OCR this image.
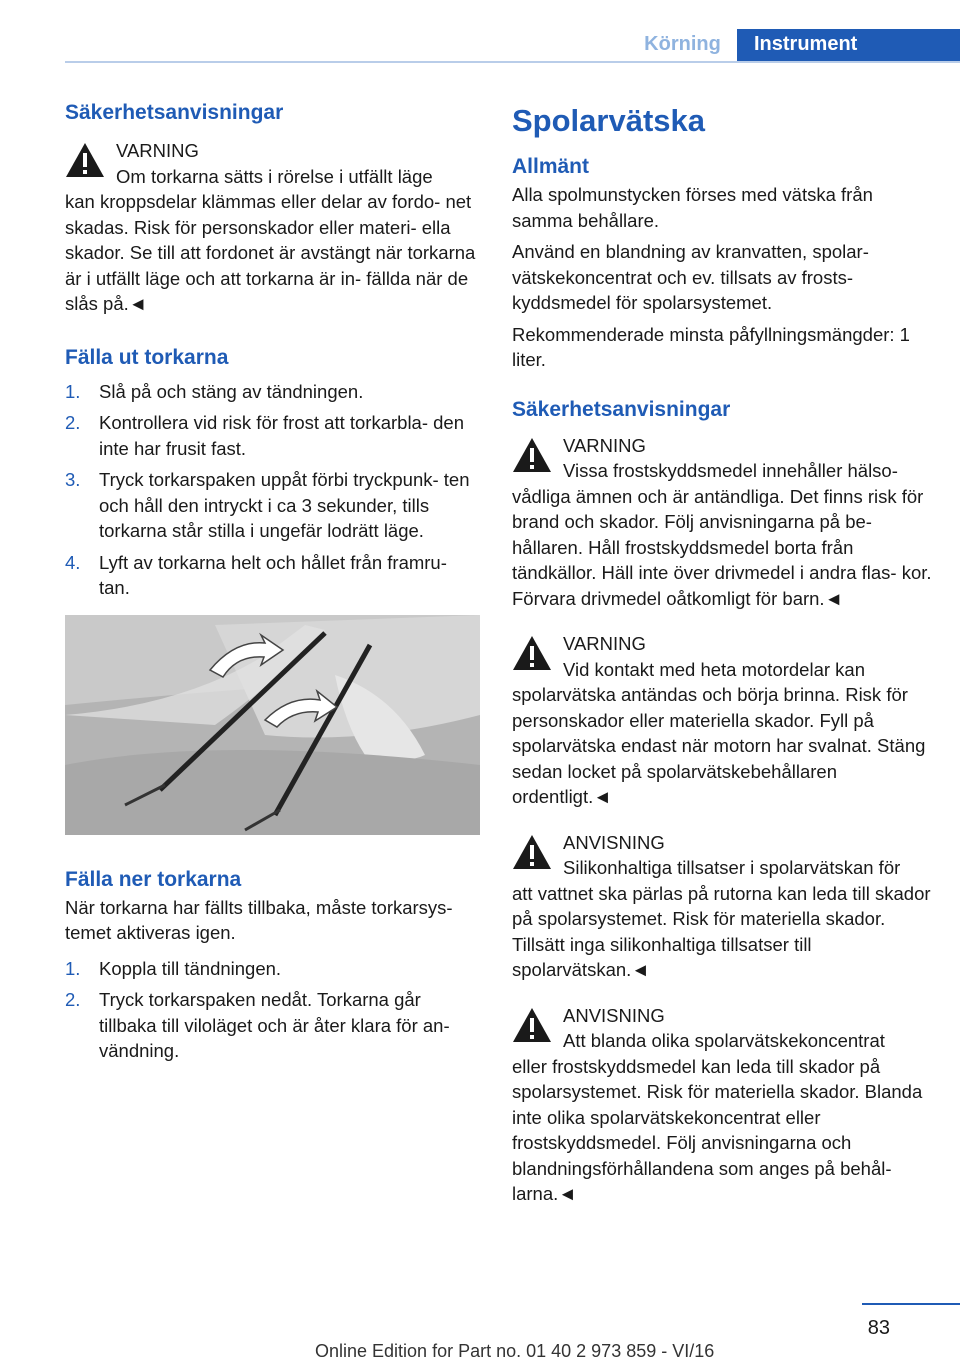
Körning	Instrument
Säkerhetsanvisningar
VARNING

Om torkarna sätts i rörelse i utfällt läge

kan kroppsdelar klämmas eller delar av fordo‐ net skadas. Risk för personskador eller materi‐ ella skador. Se till att fordonet är avstängt när torkarna är i utfällt läge och att torkarna är in‐ fällda när de slås på.◄

Fälla ut torkarna
1. Slå på och stäng av tändningen.
2. Kontrollera vid risk för frost att torkarbla‐ den inte har frusit fast.
3. Tryck torkarspaken uppåt förbi tryckpunk‐ ten och håll den intryckt i ca 3 sekunder, tills torkarna står stilla i ungefär lodrätt läge.
4. Lyft av torkarna helt och hållet från framru‐ tan.
Fälla ner torkarna

När torkarna har fällts tillbaka, måste torkarsys‐ temet aktiveras igen.

1. Koppla till tändningen.
2. Tryck torkarspaken nedåt. Torkarna går tillbaka till viloläget och är åter klara för an‐ vändning.
Spolarvätska
Allmänt

Alla spolmunstycken förses med vätska från samma behållare.

Använd en blandning av kranvatten, spolar‐ vätskekoncentrat och ev. tillsats av frosts‐ kyddsmedel för spolarsystemet.

Rekommenderade minsta påfyllningsmängder: 1 liter.

Säkerhetsanvisningar
VARNING

Vissa frostskyddsmedel innehåller hälso‐

vådliga ämnen och är antändliga. Det finns risk för brand och skador. Följ anvisningarna på be‐ hållaren. Håll frostskyddsmedel borta från tändkällor. Häll inte över drivmedel i andra flas‐ kor. Förvara drivmedel oåtkomligt för barn.◄

VARNING

Vid kontakt med heta motordelar kan

spolarvätska antändas och börja brinna. Risk för personskador eller materiella skador. Fyll på spolarvätska endast när motorn har svalnat. Stäng sedan locket på spolarvätskebehållaren ordentligt.◄

ANVISNING

Silikonhaltiga tillsatser i spolarvätskan för

att vattnet ska pärlas på rutorna kan leda till skador på spolarsystemet. Risk för materiella skador. Tillsätt inga silikonhaltiga tillsatser till spolarvätskan.◄

ANVISNING

Att blanda olika spolarvätskekoncentrat

eller frostskyddsmedel kan leda till skador på spolarsystemet. Risk för materiella skador. Blanda inte olika spolarvätskekoncentrat eller frostskyddsmedel. Följ anvisningarna och blandningsförhållandena som anges på behål‐ larna.◄

83
Online Edition for Part no. 01 40 2 973 859 - VI/16
